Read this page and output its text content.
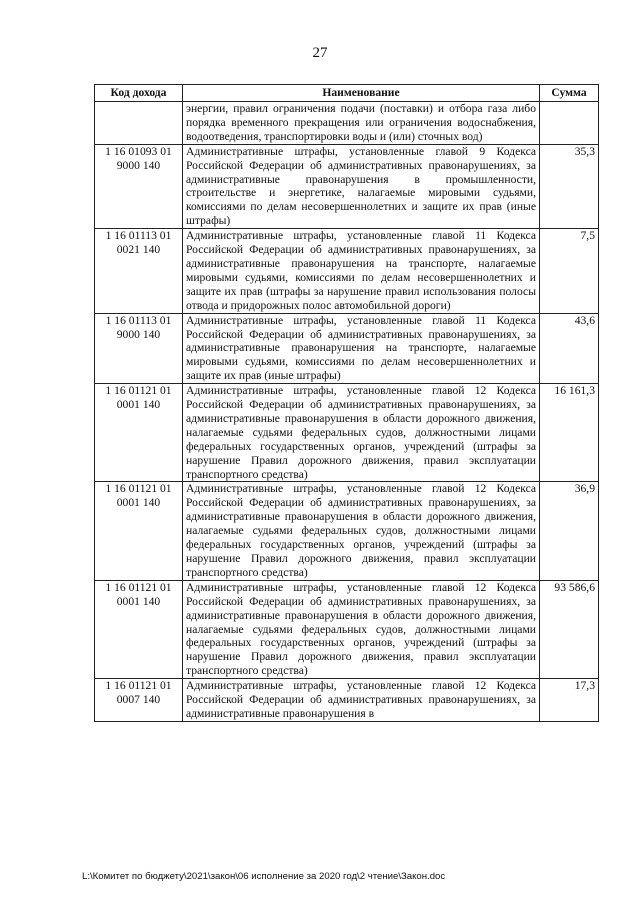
27
Код дохода	Наименование	Сумма
	энергии, правил ограничения подачи (поставки) и отбора газа либо порядка временного прекращения или ограничения водоснабжения, водоотведения, транспортировки воды и (или) сточных вод)	
1 16 01093 01 9000 140	Административные штрафы, установленные главой 9 Кодекса Российской Федерации об административных правонарушениях, за административные правонарушения в промышленности, строительстве и энергетике, налагаемые мировыми судьями, комиссиями по делам несовершеннолетних и защите их прав (иные штрафы)	35,3
1 16 01113 01 0021 140	Административные штрафы, установленные главой 11 Кодекса Российской Федерации об административных правонарушениях, за административные правонарушения на транспорте, налагаемые мировыми судьями, комиссиями по делам несовершеннолетних и защите их прав (штрафы за нарушение правил использования полосы отвода и придорожных полос автомобильной дороги)	7,5
1 16 01113 01 9000 140	Административные штрафы, установленные главой 11 Кодекса Российской Федерации об административных правонарушениях, за административные правонарушения на транспорте, налагаемые мировыми судьями, комиссиями по делам несовершеннолетних и защите их прав (иные штрафы)	43,6
1 16 01121 01 0001 140	Административные штрафы, установленные главой 12 Кодекса Российской Федерации об административных правонарушениях, за административные правонарушения в области дорожного движения, налагаемые судьями федеральных судов, должностными лицами федеральных государственных органов, учреждений (штрафы за нарушение Правил дорожного движения, правил эксплуатации транспортного средства)	16 161,3
1 16 01121 01 0001 140	Административные штрафы, установленные главой 12 Кодекса Российской Федерации об административных правонарушениях, за административные правонарушения в области дорожного движения, налагаемые судьями федеральных судов, должностными лицами федеральных государственных органов, учреждений (штрафы за нарушение Правил дорожного движения, правил эксплуатации транспортного средства)	36,9
1 16 01121 01 0001 140	Административные штрафы, установленные главой 12 Кодекса Российской Федерации об административных правонарушениях, за административные правонарушения в области дорожного движения, налагаемые судьями федеральных судов, должностными лицами федеральных государственных органов, учреждений (штрафы за нарушение Правил дорожного движения, правил эксплуатации транспортного средства)	93 586,6
1 16 01121 01 0007 140	Административные штрафы, установленные главой 12 Кодекса Российской Федерации об административных правонарушениях, за административные правонарушения в	17,3
L:\Комитет по бюджету\2021\закон\06 исполнение за 2020 год\2 чтение\Закон.doc
